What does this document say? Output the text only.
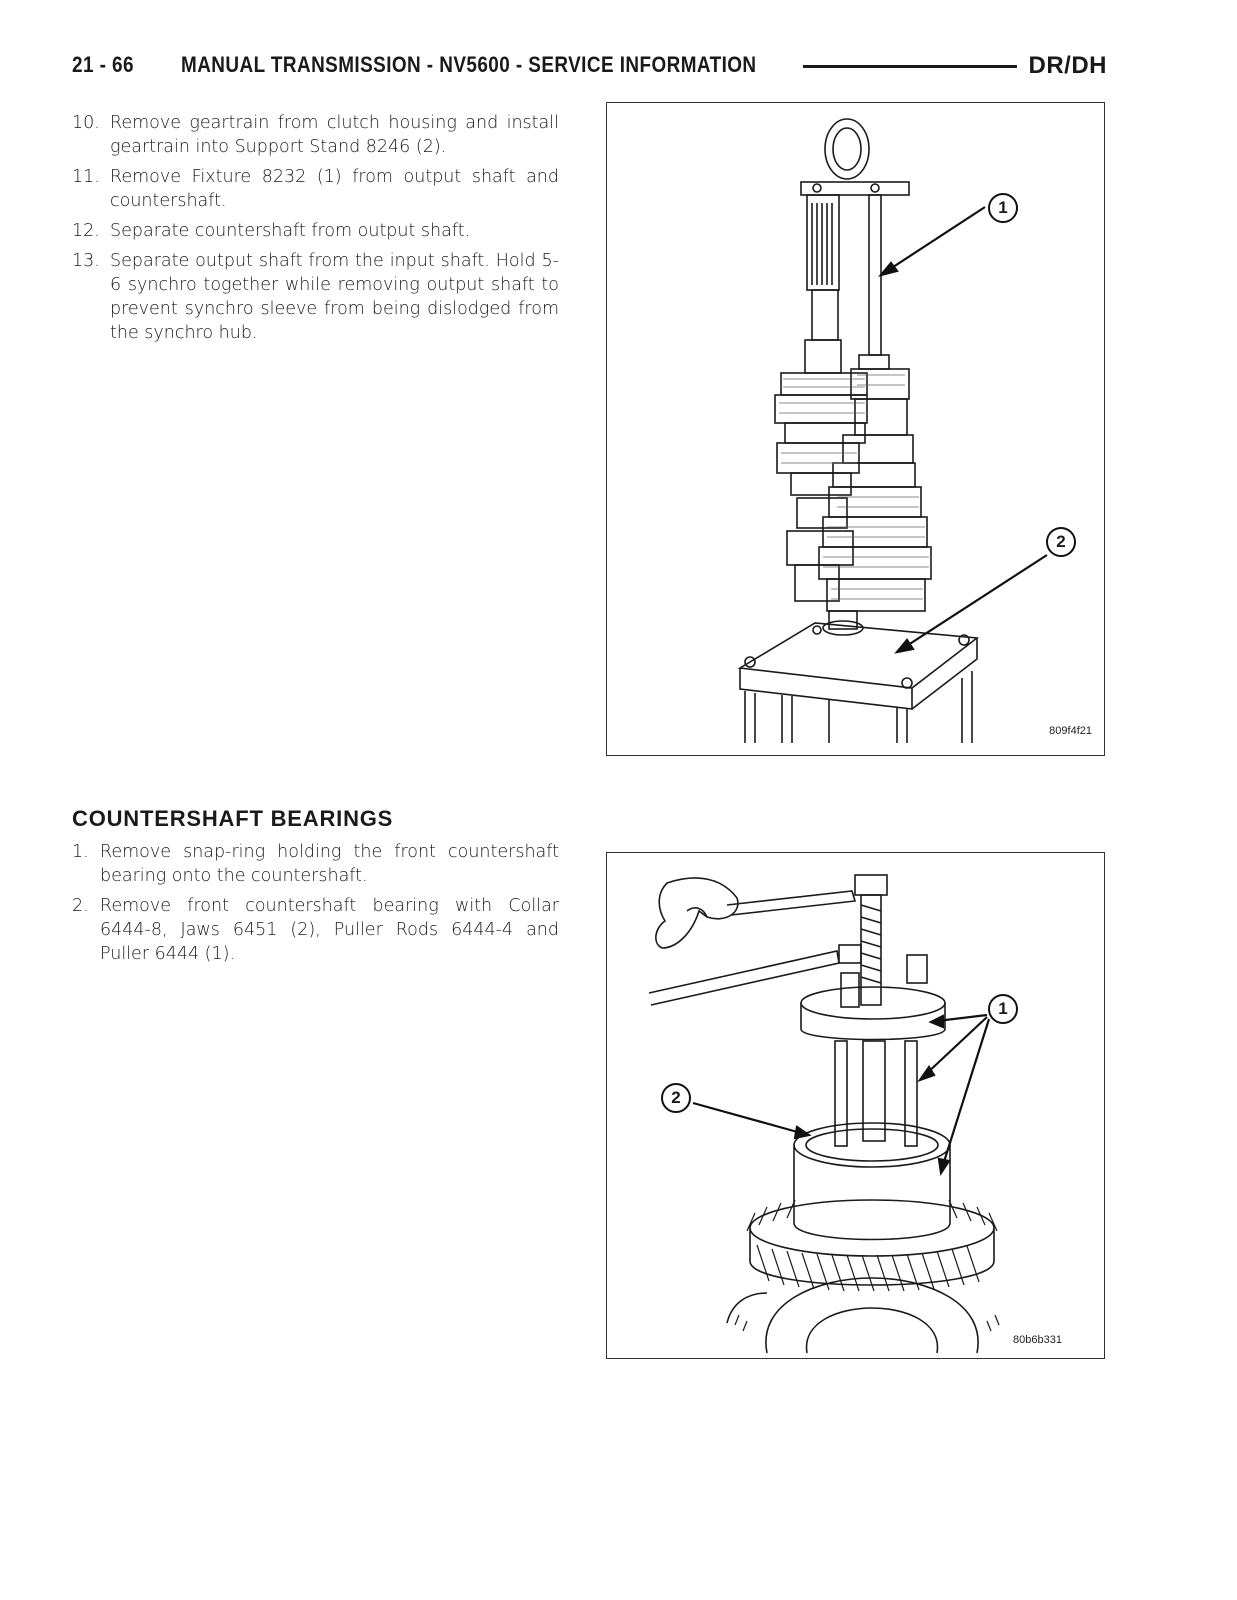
21 - 66 MANUAL TRANSMISSION - NV5600 - SERVICE INFORMATION	DR/DH
10. Remove geartrain from clutch housing and install geartrain into Support Stand 8246 (2).
11. Remove Fixture 8232 (1) from output shaft and countershaft.
12. Separate countershaft from output shaft.
13. Separate output shaft from the input shaft. Hold 5-6 synchro together while removing output shaft to prevent synchro sleeve from being dislodged from the synchro hub.
1
2
809f4f21
COUNTERSHAFT BEARINGS
1. Remove snap-ring holding the front countershaft bearing onto the countershaft.
2. Remove front countershaft bearing with Collar 6444-8, Jaws 6451 (2), Puller Rods 6444-4 and Puller 6444 (1).
1
2
80b6b331
